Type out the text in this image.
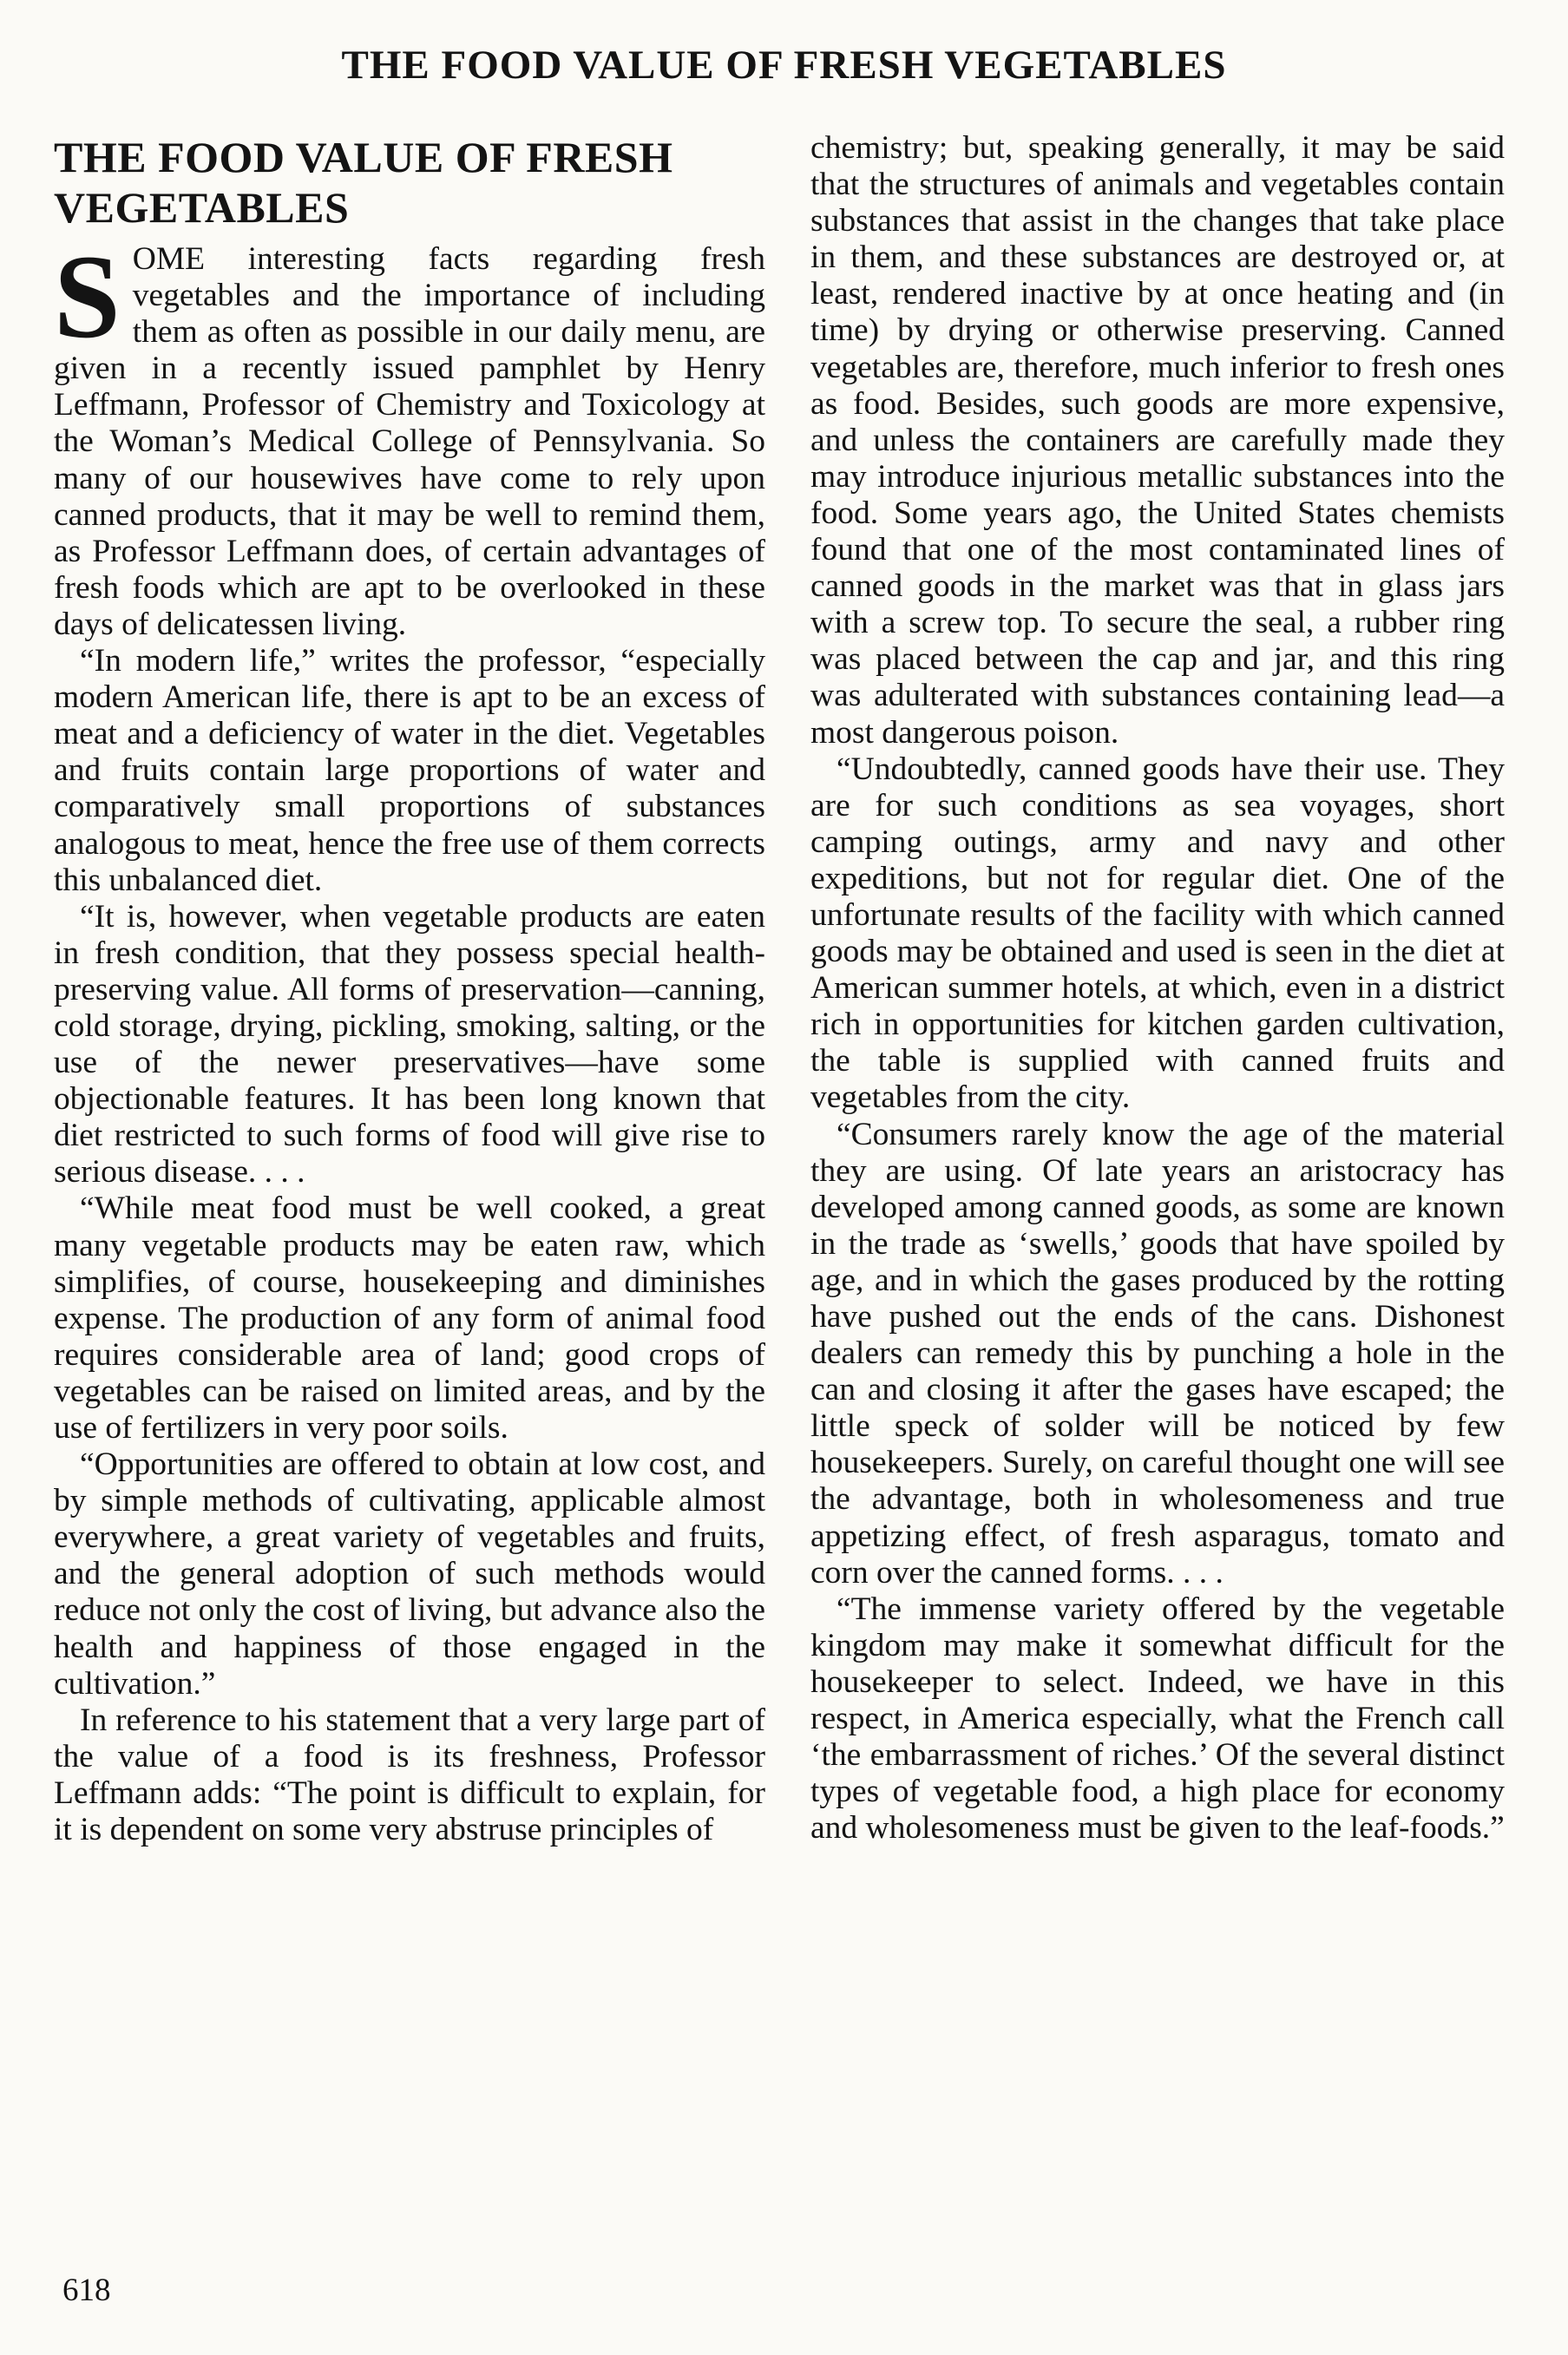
THE FOOD VALUE OF FRESH VEGETABLES
THE FOOD VALUE OF FRESH VEGETABLES

SOME interesting facts regarding fresh vegetables and the importance of including them as often as possible in our daily menu, are given in a recently issued pamphlet by Henry Leffmann, Professor of Chemistry and Toxicology at the Woman’s Medical College of Pennsylvania. So many of our housewives have come to rely upon canned products, that it may be well to remind them, as Professor Leffmann does, of certain advantages of fresh foods which are apt to be overlooked in these days of delicatessen living.

“In modern life,” writes the professor, “especially modern American life, there is apt to be an excess of meat and a deficiency of water in the diet. Vegetables and fruits contain large proportions of water and comparatively small proportions of substances analogous to meat, hence the free use of them corrects this unbalanced diet.

“It is, however, when vegetable products are eaten in fresh condition, that they possess special health-preserving value. All forms of preservation—canning, cold storage, drying, pickling, smoking, salting, or the use of the newer preservatives—have some objectionable features. It has been long known that diet restricted to such forms of food will give rise to serious disease. . . .

“While meat food must be well cooked, a great many vegetable products may be eaten raw, which simplifies, of course, housekeeping and diminishes expense. The production of any form of animal food requires considerable area of land; good crops of vegetables can be raised on limited areas, and by the use of fertilizers in very poor soils.

“Opportunities are offered to obtain at low cost, and by simple methods of cultivating, applicable almost everywhere, a great variety of vegetables and fruits, and the general adoption of such methods would reduce not only the cost of living, but advance also the health and happiness of those engaged in the cultivation.”

In reference to his statement that a very large part of the value of a food is its freshness, Professor Leffmann adds: “The point is difficult to explain, for it is dependent on some very abstruse principles of

chemistry; but, speaking generally, it may be said that the structures of animals and vegetables contain substances that assist in the changes that take place in them, and these substances are destroyed or, at least, rendered inactive by at once heating and (in time) by drying or otherwise preserving. Canned vegetables are, therefore, much inferior to fresh ones as food. Besides, such goods are more expensive, and unless the containers are carefully made they may introduce injurious metallic substances into the food. Some years ago, the United States chemists found that one of the most contaminated lines of canned goods in the market was that in glass jars with a screw top. To secure the seal, a rubber ring was placed between the cap and jar, and this ring was adulterated with substances containing lead—a most dangerous poison.

“Undoubtedly, canned goods have their use. They are for such conditions as sea voyages, short camping outings, army and navy and other expeditions, but not for regular diet. One of the unfortunate results of the facility with which canned goods may be obtained and used is seen in the diet at American summer hotels, at which, even in a district rich in opportunities for kitchen garden cultivation, the table is supplied with canned fruits and vegetables from the city.

“Consumers rarely know the age of the material they are using. Of late years an aristocracy has developed among canned goods, as some are known in the trade as ‘swells,’ goods that have spoiled by age, and in which the gases produced by the rotting have pushed out the ends of the cans. Dishonest dealers can remedy this by punching a hole in the can and closing it after the gases have escaped; the little speck of solder will be noticed by few housekeepers. Surely, on careful thought one will see the advantage, both in wholesomeness and true appetizing effect, of fresh asparagus, tomato and corn over the canned forms. . . .

“The immense variety offered by the vegetable kingdom may make it somewhat difficult for the housekeeper to select. Indeed, we have in this respect, in America especially, what the French call ‘the embarrassment of riches.’ Of the several distinct types of vegetable food, a high place for economy and wholesomeness must be given to the leaf-foods.”

618
